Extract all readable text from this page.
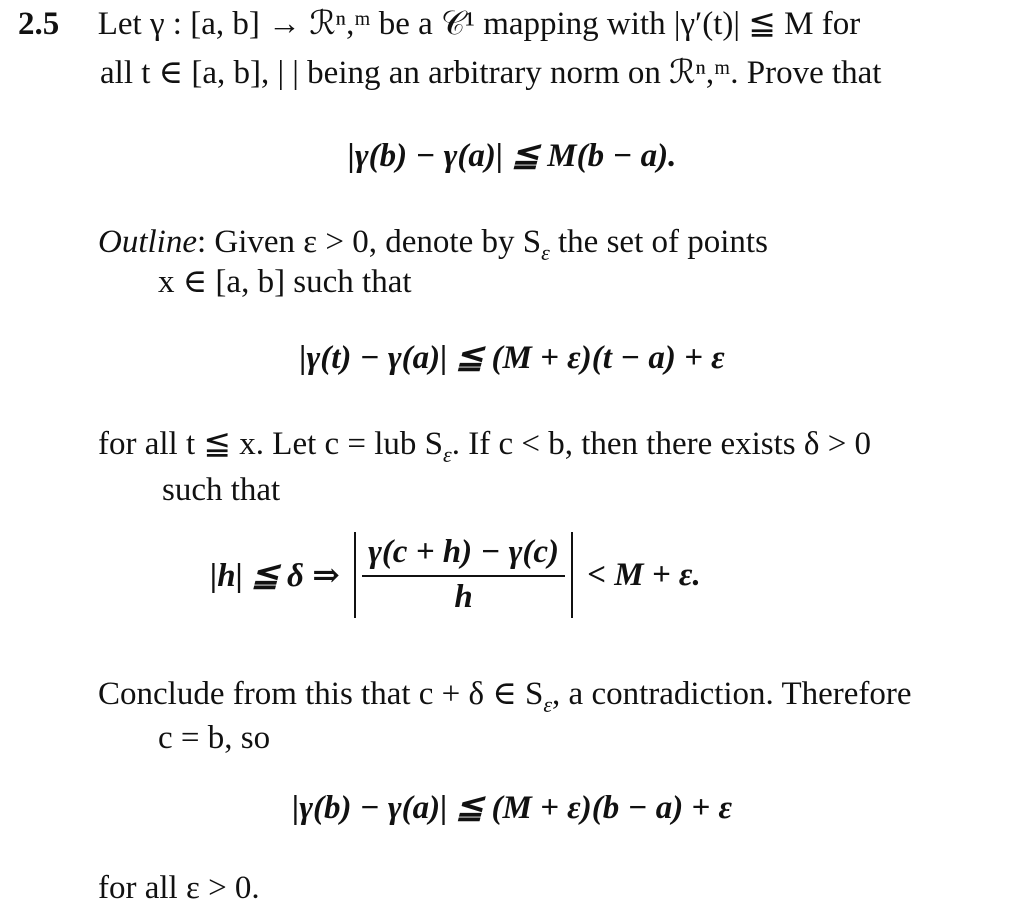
2.5 Let γ : [a, b] → ℛⁿ,ᵐ be a 𝒞¹ mapping with |γ′(t)| ≦ M for
all t ∈ [a, b], | | being an arbitrary norm on ℛⁿ,ᵐ. Prove that
|γ(b) − γ(a)| ≦ M(b − a).
Outline: Given ε > 0, denote by $S_\varepsilon$ the set of points
x ∈ [a, b] such that
|γ(t) − γ(a)| ≦ (M + ε)(t − a) + ε
for all t ≦ x. Let c = lub $S_\varepsilon$. If c < b, then there exists δ > 0
such that
|h| ≦ δ ⇒ $\frac{\gamma(c + h) - \gamma(c)}{h} < M + \varepsilon$.
Conclude from this that c + δ ∈ $S_\varepsilon$, a contradiction. Therefore
c = b, so
|γ(b) − γ(a)| ≦ (M + ε)(b − a) + ε
for all ε > 0.
